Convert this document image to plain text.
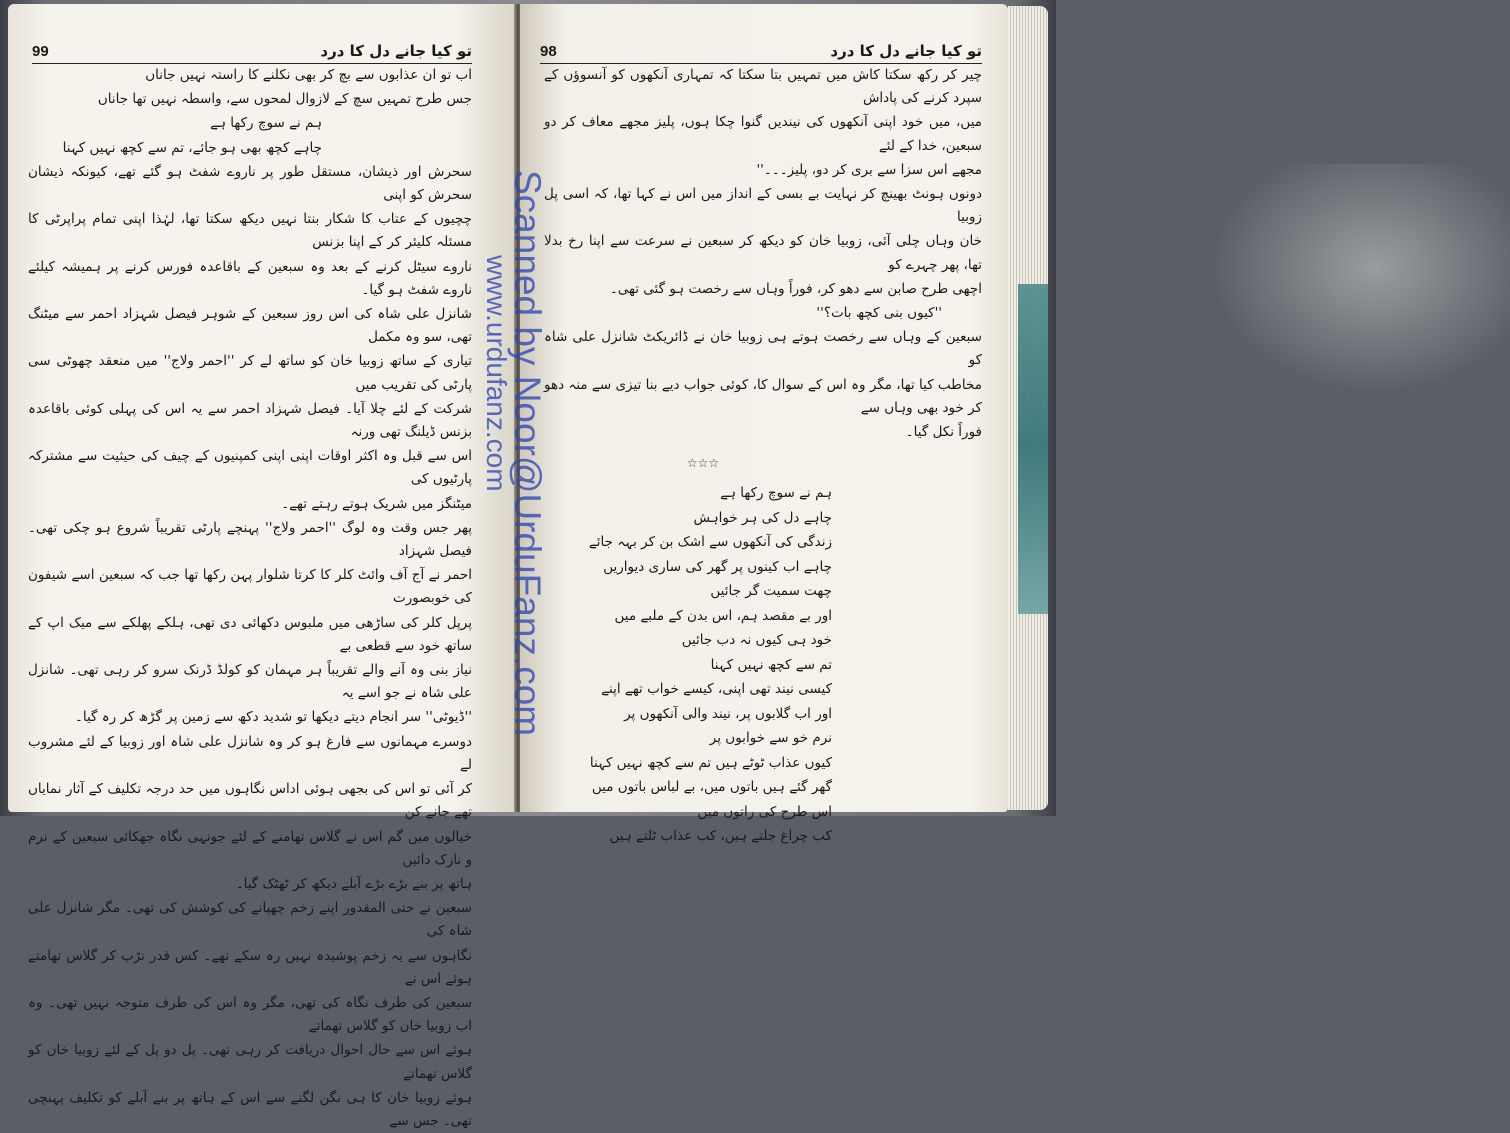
99	تو کیا جانے دل کا درد

اب تو ان عذابوں سے بچ کر بھی نکلنے کا راستہ نہیں جاناں

جس طرح تمہیں سچ کے لازوال لمحوں سے، واسطہ نہیں تھا جاناں

ہم نے سوچ رکھا ہے

چاہے کچھ بھی ہو جائے، تم سے کچھ نہیں کہنا

سحرش اور ذیشان، مستقل طور پر ناروے شفٹ ہو گئے تھے، کیونکہ ذیشان سحرش کو اپنی

چچیوں کے عتاب کا شکار بنتا نہیں دیکھ سکتا تھا، لہٰذا اپنی تمام پراپرٹی کا مسئلہ کلیئر کر کے اپنا بزنس

ناروے سیٹل کرنے کے بعد وہ سبعین کے باقاعدہ فورس کرنے پر ہمیشہ کیلئے ناروے شفٹ ہو گیا۔

شانزل علی شاہ کی اس روز سبعین کے شوہر فیصل شہزاد احمر سے میٹنگ تھی، سو وہ مکمل

تیاری کے ساتھ زوبیا خان کو ساتھ لے کر ''احمر ولاج'' میں منعقد چھوٹی سی پارٹی کی تقریب میں

شرکت کے لئے چلا آیا۔ فیصل شہزاد احمر سے یہ اس کی پہلی کوئی باقاعدہ بزنس ڈیلنگ تھی ورنہ

اس سے قبل وہ اکثر اوقات اپنی اپنی کمپنیوں کے چیف کی حیثیت سے مشترکہ پارٹیوں کی

میٹنگز میں شریک ہوتے رہتے تھے۔

پھر جس وقت وہ لوگ ''احمر ولاج'' پہنچے پارٹی تقریباً شروع ہو چکی تھی۔ فیصل شہزاد

احمر نے آج آف وائٹ کلر کا کرتا شلوار پہن رکھا تھا جب کہ سبعین اسے شیفون کی خوبصورت

پرپل کلر کی ساڑھی میں ملبوس دکھائی دی تھی، ہلکے پھلکے سے میک اپ کے ساتھ خود سے قطعی بے

نیاز بنی وہ آنے والے تقریباً ہر مہمان کو کولڈ ڈرنک سرو کر رہی تھی۔ شانزل علی شاہ نے جو اسے یہ

''ڈیوٹی'' سر انجام دیتے دیکھا تو شدید دکھ سے زمین پر گڑھ کر رہ گیا۔

دوسرے مہمانوں سے فارغ ہو کر وہ شانزل علی شاہ اور زوبیا کے لئے مشروب لے

کر آئی تو اس کی بجھی ہوئی اداس نگاہوں میں حد درجہ تکلیف کے آثار نمایاں تھے جانے کن

خیالوں میں گم اس نے گلاس تھامنے کے لئے جونہی نگاہ جھکائی سبعین کے نرم و نازک دائیں

ہاتھ پر بنے بڑے بڑے آبلے دیکھ کر ٹھٹک گیا۔

سبعین نے حتی المقدور اپنے زخم چھپانے کی کوشش کی تھی۔ مگر شانزل علی شاہ کی

نگاہوں سے یہ زخم پوشیدہ نہیں رہ سکے تھے۔ کس قدر تڑپ کر گلاس تھامتے ہوئے اس نے

سبعین کی طرف نگاہ کی تھی، مگر وہ اس کی طرف متوجہ نہیں تھی۔ وہ اب زوبیا خان کو گلاس تھماتے

ہوئے اس سے حال احوال دریافت کر رہی تھی۔ پل دو پل کے لئے زوبیا خان کو گلاس تھماتے

ہوئے زوبیا خان کا ہی نگن لگنے سے اس کے ہاتھ پر بنے آبلے کو تکلیف پہنچی تھی۔ جس سے

98	تو کیا جانے دل کا درد

چیر کر رکھ سکتا کاش میں تمہیں بتا سکتا کہ تمہاری آنکھوں کو آنسوؤں کے سپرد کرنے کی پاداش

میں، میں خود اپنی آنکھوں کی نیندیں گنوا چکا ہوں، پلیز مجھے معاف کر دو سبعین، خدا کے لئے

مجھے اس سزا سے بری کر دو، پلیز۔۔۔''

دونوں ہونٹ بھینچ کر نہایت بے بسی کے انداز میں اس نے کہا تھا، کہ اسی پل زوبیا

خان وہاں چلی آئی، زوبیا خان کو دیکھ کر سبعین نے سرعت سے اپنا رخ بدلا تھا، پھر چہرے کو

اچھی طرح صابن سے دھو کر، فوراً وہاں سے رخصت ہو گئی تھی۔

''کیوں بنی کچھ بات؟''

سبعین کے وہاں سے رخصت ہوتے ہی زوبیا خان نے ڈائریکٹ شانزل علی شاہ کو

مخاطب کیا تھا، مگر وہ اس کے سوال کا، کوئی جواب دیے بنا تیزی سے منہ دھو کر خود بھی وہاں سے

فوراً نکل گیا۔

☆☆☆
ہم نے سوچ رکھا ہے
چاہے دل کی ہر خواہش
زندگی کی آنکھوں سے اشک بن کر بہہ جائے
چاہے اب کینوں پر گھر کی ساری دیواریں
چھت سمیت گر جائیں
اور بے مقصد ہم، اس بدن کے ملبے میں
خود ہی کیوں نہ دب جائیں
تم سے کچھ نہیں کہنا
کیسی نیند تھی اپنی، کیسے خواب تھے اپنے
اور اب گلابوں پر، نیند والی آنکھوں پر
نرم خو سے خوابوں پر
کیوں عذاب ٹوٹے ہیں تم سے کچھ نہیں کہنا
گھر گئے ہیں باتوں میں، بے لباس باتوں میں
اس طرح کی راتوں میں
کب چراغ جلتے ہیں، کب عذاب ٹلتے ہیں
Scanned by Noor@UrduFanz.com
www.urdufanz.com
